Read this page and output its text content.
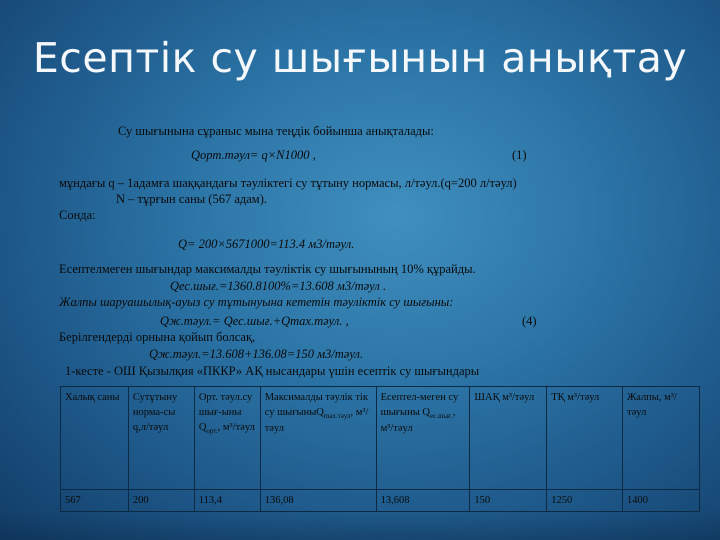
Есептік су шығынын анықтау
Су шығынына сұраныс мына теңдік бойынша анықталады:
Qорт.тәул= q×N1000 ,	(1)
мұндағы q – 1адамға шаққандағы тәуліктегі су тұтыну нормасы, л/тәул.(q=200 л/тәул)
N – тұрғын саны (567 адам).
Сонда:
Q= 200×5671000=113.4 м3/тәул.
Есептелмеген шығындар максималды тәуліктік су шығынының 10% құрайды.
Qес.шығ.=1360.8100%=13.608 м3/тәул .
Жалпы шаруашылық-ауыз су тұтынуына кететін тәуліктік су шығыны:
Qж.тәул.= Qес.шығ.+Qmax.тәул. ,	(4)
Берілгендерді орнына қойып болсақ,
Qж.тәул.=13.608+136.08=150 м3/тәул.
1-кесте - ОШ Қызылқия «ПККР» АҚ нысандары үшін есептік су шығындары
Халық саны	Сутұтыну норма-сы q,л/тәул	Орт. тәул.су шығ-ыны $Q_{орт.}$, м³/тәул	Максималды тәулік тік су шығыныQ$_{max.тәул}$, м³/тәул	Есептел-меген су шығыны $Q_{ес.шығ.}$, м³/тәул	ШАҚ м³/тәул	ТҚ м³/тәул	Жалпы, м³/тәул
567	200	113,4	136,08	13,608	150	1250	1400
